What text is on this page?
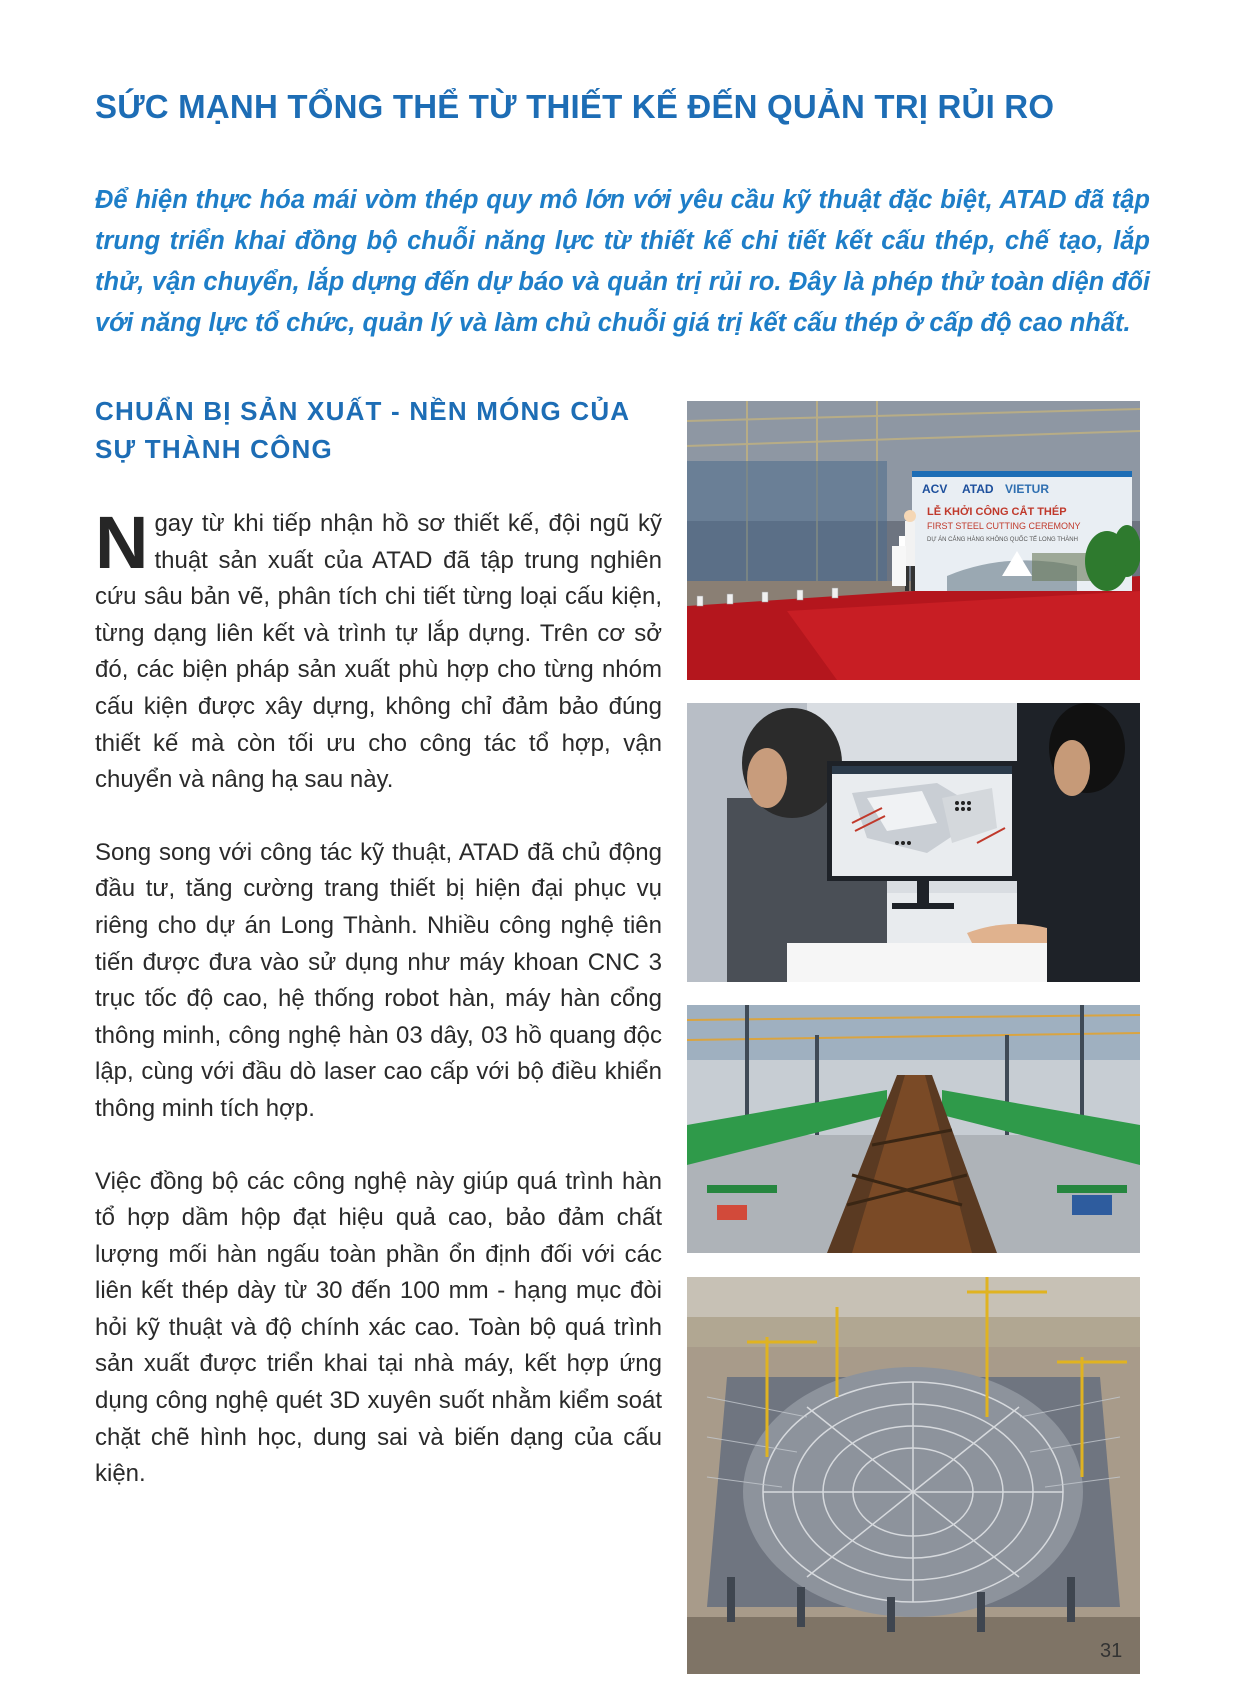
SỨC MẠNH TỔNG THỂ TỪ THIẾT KẾ ĐẾN QUẢN TRỊ RỦI RO

Để hiện thực hóa mái vòm thép quy mô lớn với yêu cầu kỹ thuật đặc biệt, ATAD đã tập trung triển khai đồng bộ chuỗi năng lực từ thiết kế chi tiết kết cấu thép, chế tạo, lắp thử, vận chuyển, lắp dựng đến dự báo và quản trị rủi ro. Đây là phép thử toàn diện đối với năng lực tổ chức, quản lý và làm chủ chuỗi giá trị kết cấu thép ở cấp độ cao nhất.

CHUẨN BỊ SẢN XUẤT - NỀN MÓNG CỦA SỰ THÀNH CÔNG

Ngay từ khi tiếp nhận hồ sơ thiết kế, đội ngũ kỹ thuật sản xuất của ATAD đã tập trung nghiên cứu sâu bản vẽ, phân tích chi tiết từng loại cấu kiện, từng dạng liên kết và trình tự lắp dựng. Trên cơ sở đó, các biện pháp sản xuất phù hợp cho từng nhóm cấu kiện được xây dựng, không chỉ đảm bảo đúng thiết kế mà còn tối ưu cho công tác tổ hợp, vận chuyển và nâng hạ sau này.

Song song với công tác kỹ thuật, ATAD đã chủ động đầu tư, tăng cường trang thiết bị hiện đại phục vụ riêng cho dự án Long Thành. Nhiều công nghệ tiên tiến được đưa vào sử dụng như máy khoan CNC 3 trục tốc độ cao, hệ thống robot hàn, máy hàn cổng thông minh, công nghệ hàn 03 dây, 03 hồ quang độc lập, cùng với đầu dò laser cao cấp với bộ điều khiển thông minh tích hợp.

Việc đồng bộ các công nghệ này giúp quá trình hàn tổ hợp dầm hộp đạt hiệu quả cao, bảo đảm chất lượng mối hàn ngấu toàn phần ổn định đối với các liên kết thép dày từ 30 đến 100 mm - hạng mục đòi hỏi kỹ thuật và độ chính xác cao. Toàn bộ quá trình sản xuất được triển khai tại nhà máy, kết hợp ứng dụng công nghệ quét 3D xuyên suốt nhằm kiểm soát chặt chẽ hình học, dung sai và biến dạng của cấu kiện.

ACV ATAD VIETUR
LỄ KHỞI CÔNG CẮT THÉP
FIRST STEEL CUTTING CEREMONY
DỰ ÁN CẢNG HÀNG KHÔNG QUỐC TẾ LONG THÀNH
31
